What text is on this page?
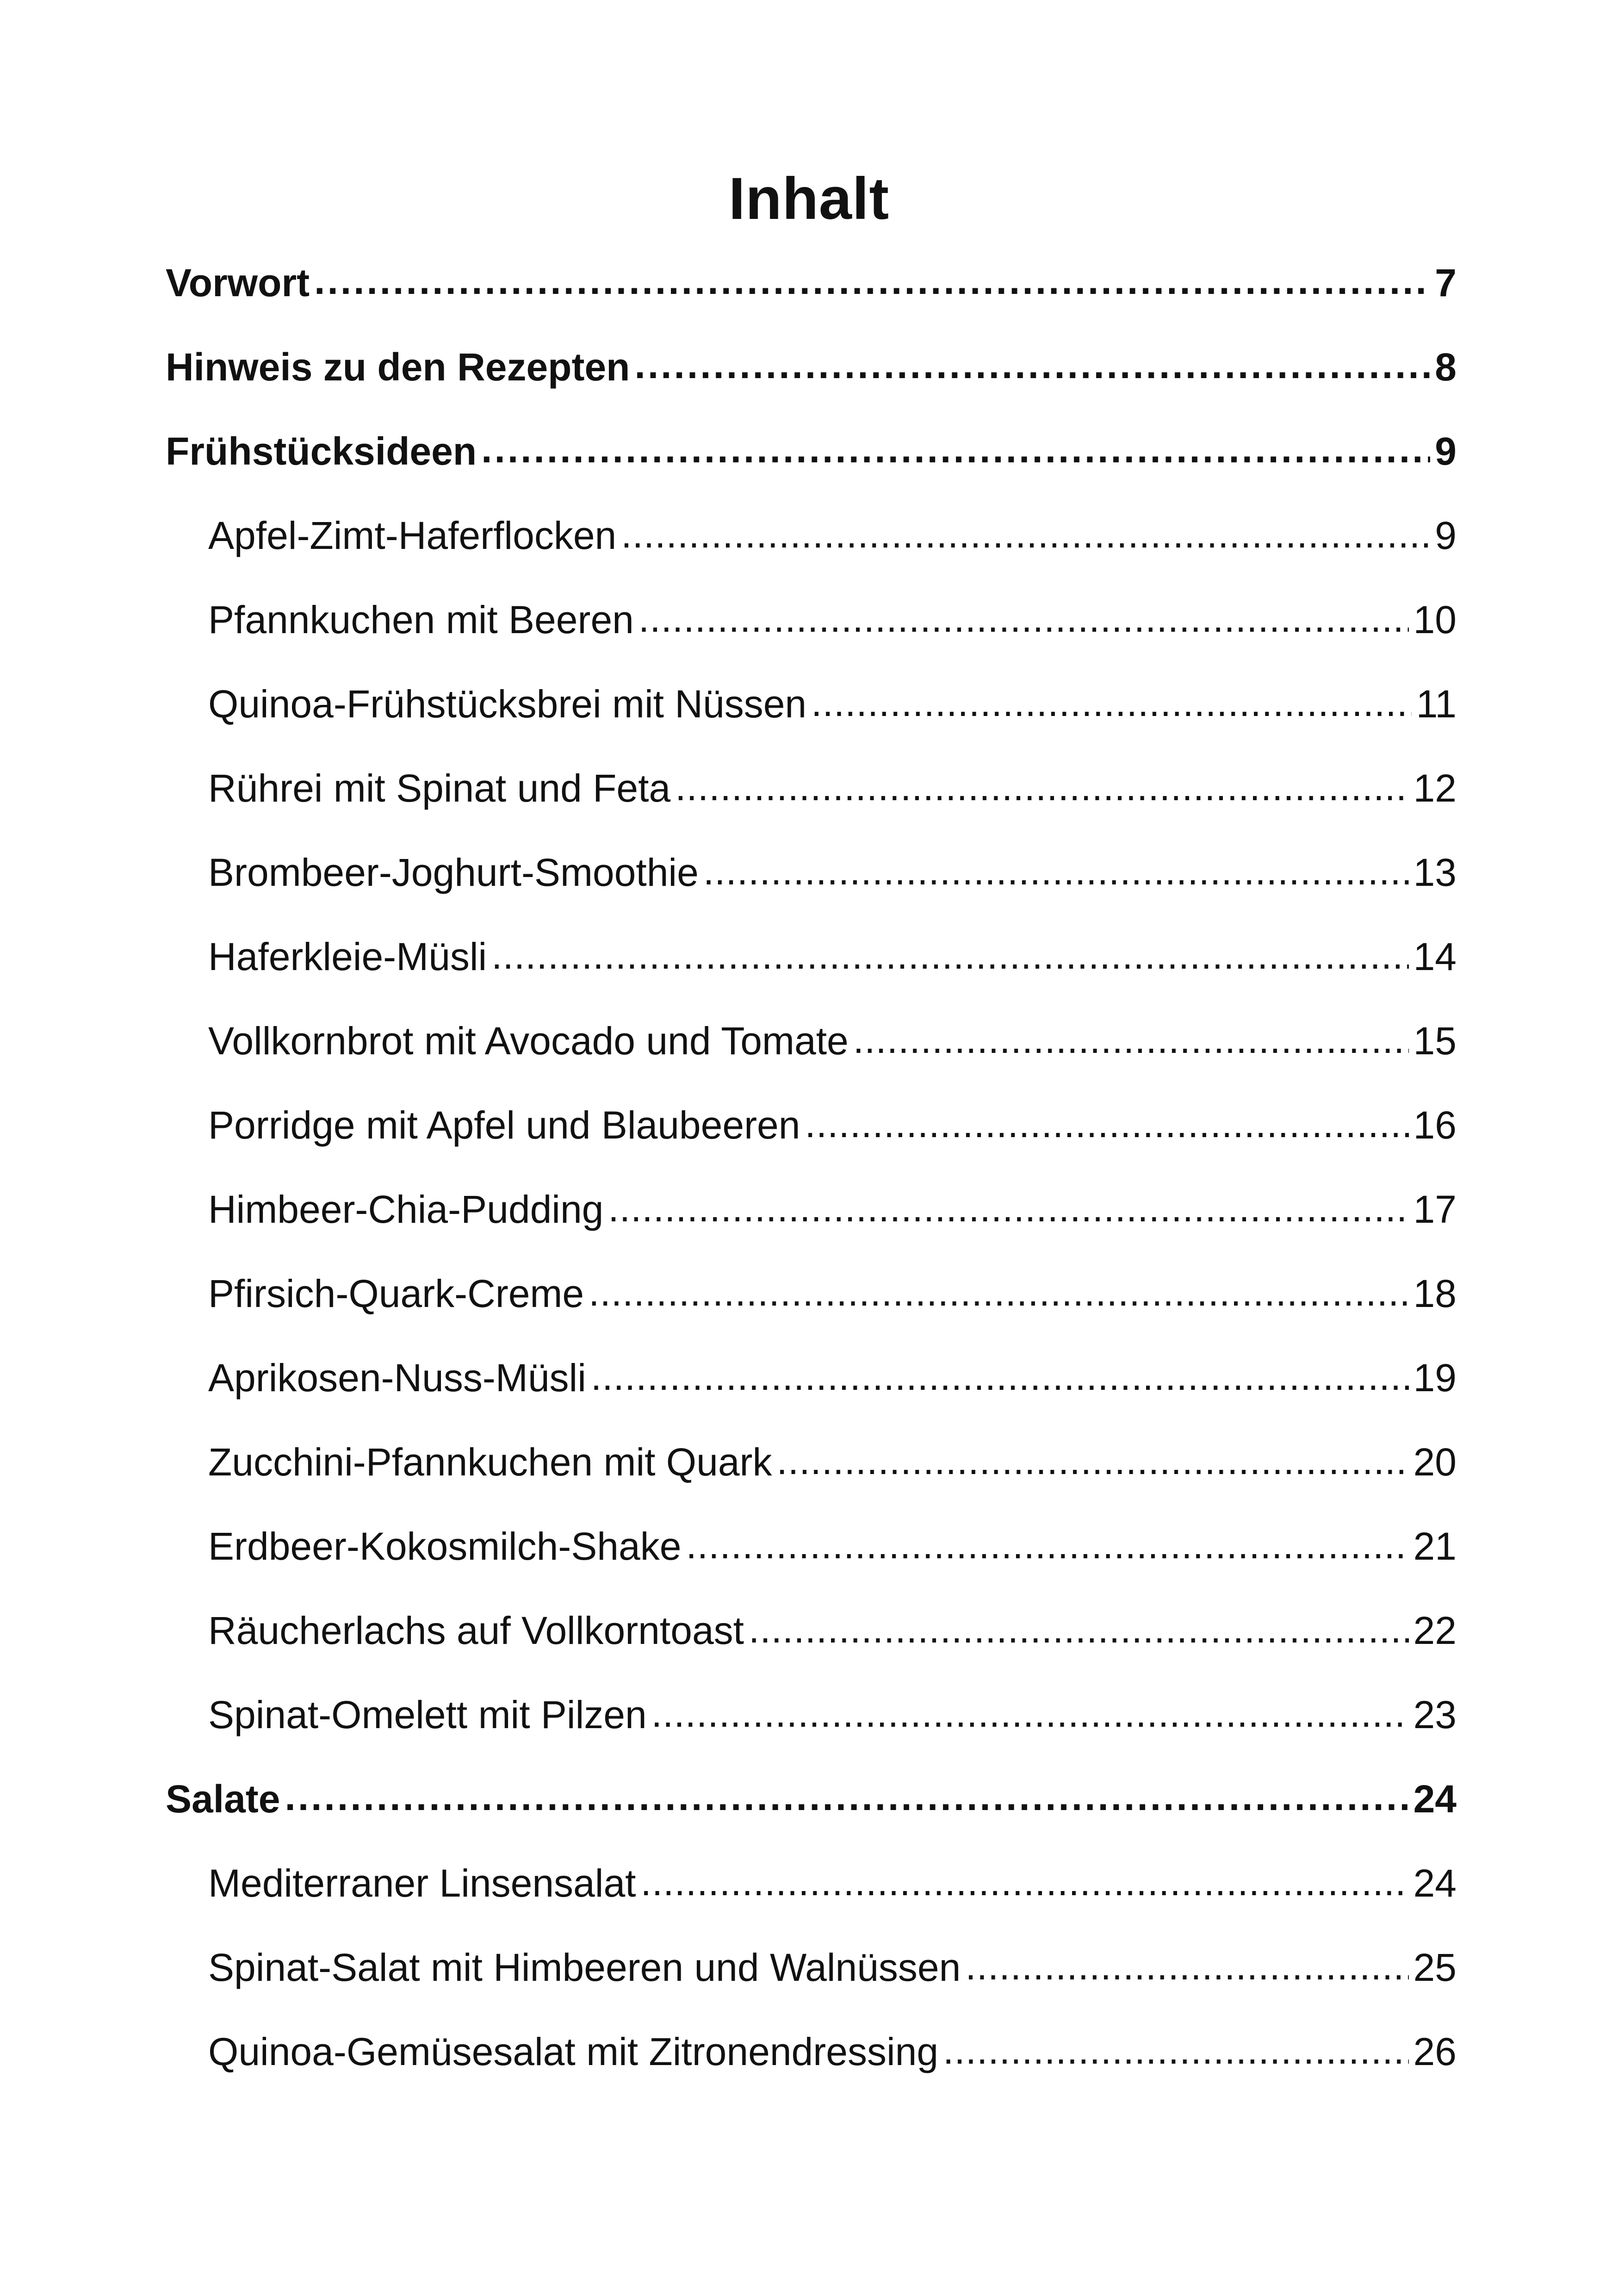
Inhalt
Vorwort .....	7
Hinweis zu den Rezepten .....	8
Frühstücksideen .....	9
Apfel-Zimt-Haferflocken .....	9
Pfannkuchen mit Beeren .....	10
Quinoa-Frühstücksbrei mit Nüssen .....	11
Rührei mit Spinat und Feta .....	12
Brombeer-Joghurt-Smoothie .....	13
Haferkleie-Müsli .....	14
Vollkornbrot mit Avocado und Tomate .....	15
Porridge mit Apfel und Blaubeeren .....	16
Himbeer-Chia-Pudding .....	17
Pfirsich-Quark-Creme .....	18
Aprikosen-Nuss-Müsli .....	19
Zucchini-Pfannkuchen mit Quark .....	20
Erdbeer-Kokosmilch-Shake .....	21
Räucherlachs auf Vollkorntoast .....	22
Spinat-Omelett mit Pilzen .....	23
Salate .....	24
Mediterraner Linsensalat .....	24
Spinat-Salat mit Himbeeren und Walnüssen .....	25
Quinoa-Gemüsesalat mit Zitronendressing .....	26
